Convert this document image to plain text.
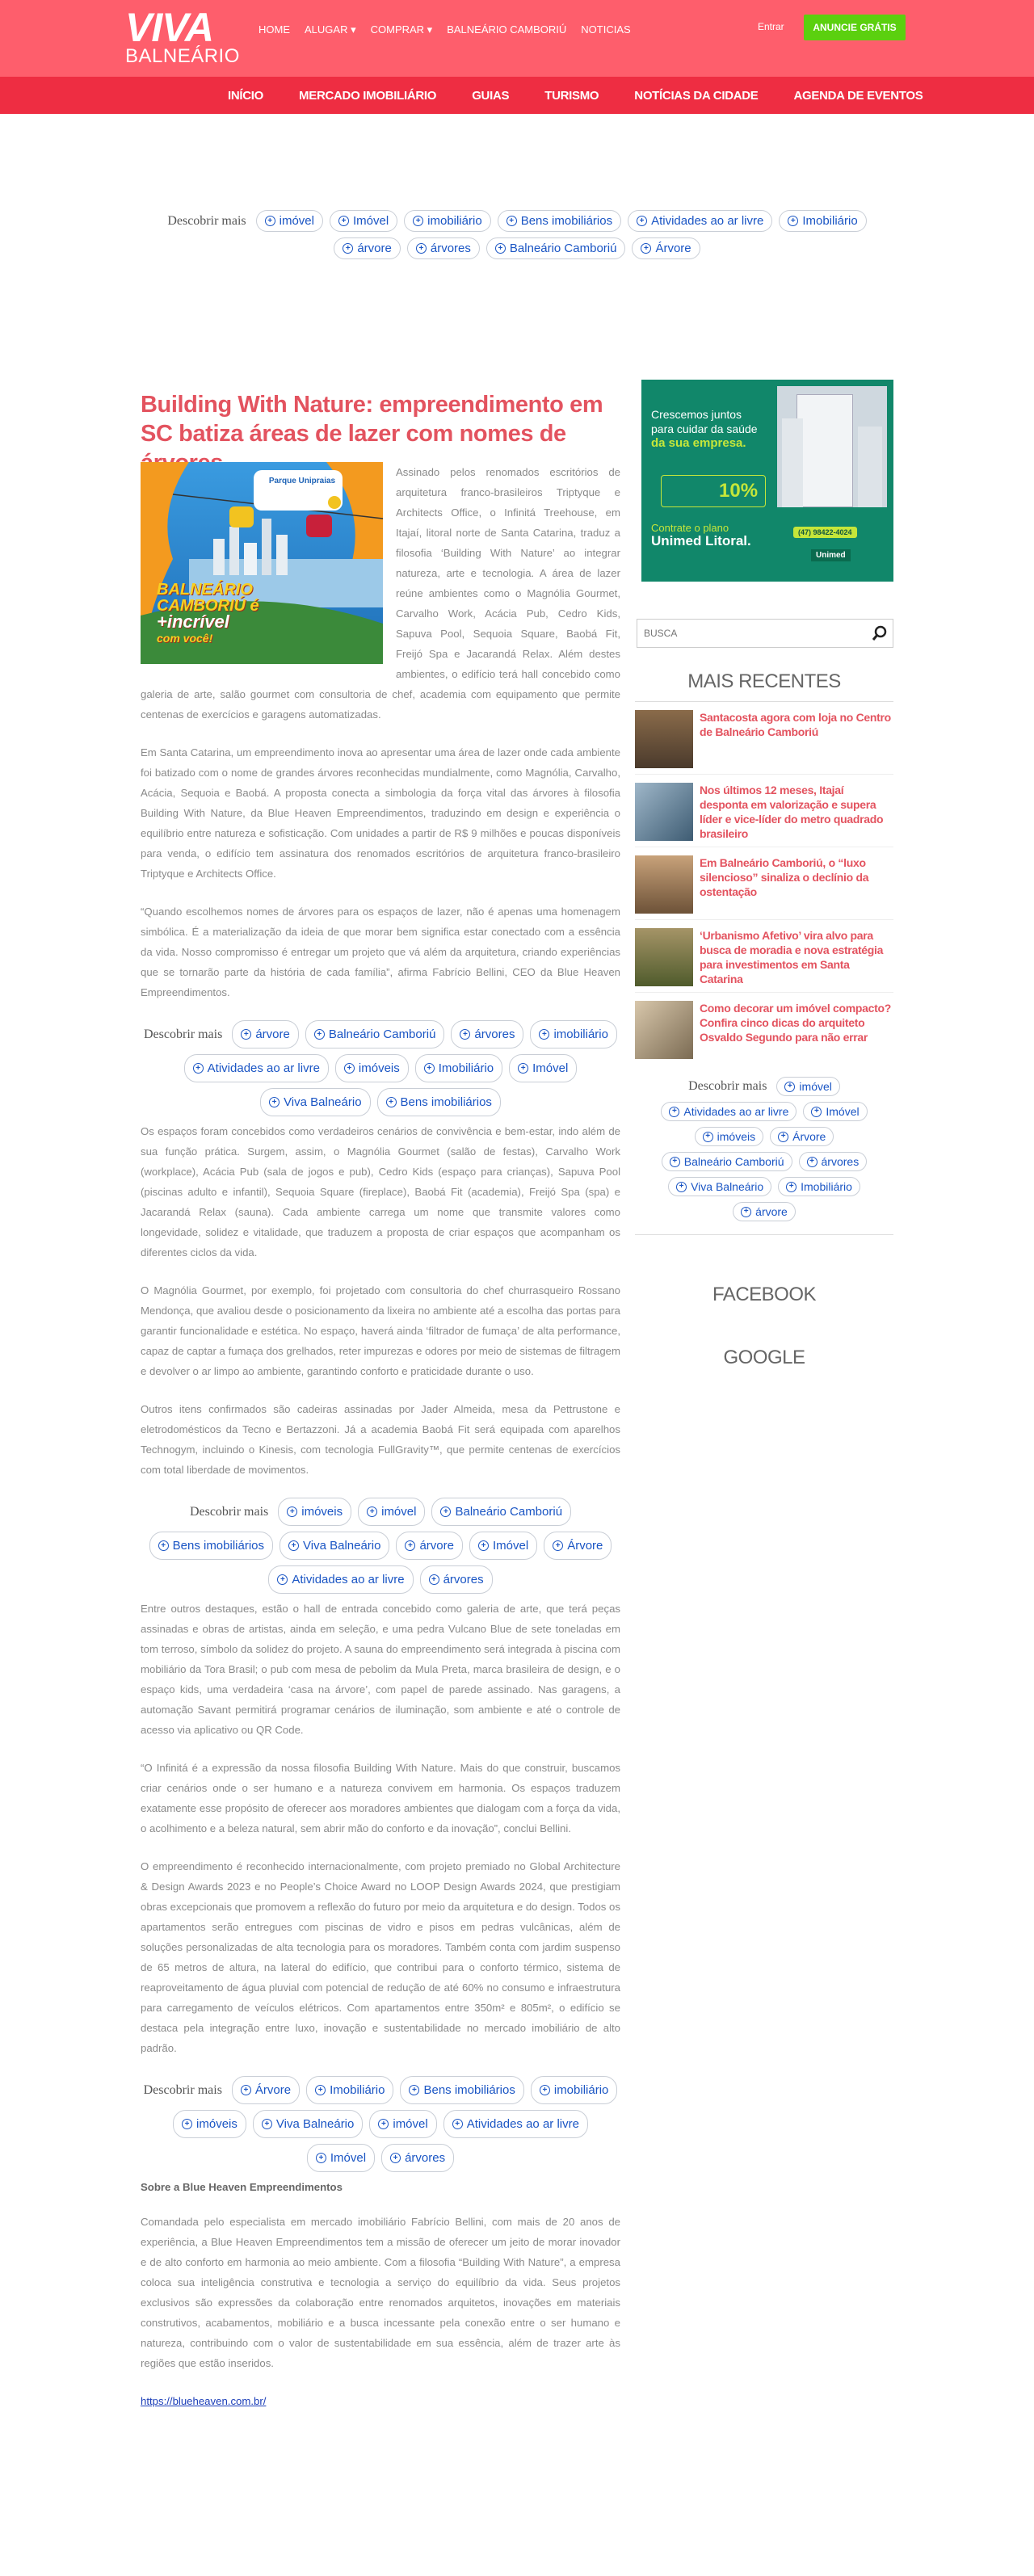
VIVA
BALNEÁRIO
HOME ALUGAR ▾ COMPRAR ▾ BALNEÁRIO CAMBORIÚ NOTICIAS	Entrar	ANUNCIE GRÁTIS
INÍCIO	MERCADO IMOBILIÁRIO	GUIAS	TURISMO	NOTÍCIAS DA CIDADE	AGENDA DE EVENTOS
Descobrir mais	+ imóvel	+ Imóvel	+ imobiliário	+ Bens imobiliários	+ Atividades ao ar livre	+ Imobiliário
+ árvore	+ árvores	+ Balneário Camboriú	+ Árvore
Building With Nature: empreendimento em SC batiza áreas de lazer com nomes de
Parque Unipraias
BALNEÁRIO
CAMBORIÚ é
+incrível
com você!

Assinado pelos renomados escritórios de arquitetura franco-brasileiros Triptyque e Architects Office, o Infinitá Treehouse, em Itajaí, litoral norte de Santa Catarina, traduz a filosofia ‘Building With Nature’ ao integrar natureza, arte e tecnologia. A área de lazer reúne ambientes como o Magnólia Gourmet, Carvalho Work, Acácia Pub, Cedro Kids, Sapuva Pool, Sequoia Square, Baobá Fit, Freijó Spa e Jacarandá Relax. Além destes ambientes, o edifício terá hall concebido como galeria de arte, salão gourmet com consultoria de chef, academia com equipamento que permite centenas de exercícios e garagens automatizadas.

Em Santa Catarina, um empreendimento inova ao apresentar uma área de lazer onde cada ambiente foi batizado com o nome de grandes árvores reconhecidas mundialmente, como Magnólia, Carvalho, Acácia, Sequoia e Baobá. A proposta conecta a simbologia da força vital das árvores à filosofia Building With Nature, da Blue Heaven Empreendimentos, traduzindo em design e experiência o equilíbrio entre natureza e sofisticação. Com unidades a partir de R$ 9 milhões e poucas disponíveis para venda, o edifício tem assinatura dos renomados escritórios de arquitetura franco-brasileiro Triptyque e Architects Office.

“Quando escolhemos nomes de árvores para os espaços de lazer, não é apenas uma homenagem simbólica. É a materialização da ideia de que morar bem significa estar conectado com a essência da vida. Nosso compromisso é entregar um projeto que vá além da arquitetura, criando experiências que se tornarão parte da história de cada família”, afirma Fabrício Bellini, CEO da Blue Heaven Empreendimentos.

Descobrir mais	+ árvore	+ Balneário Camboriú	+ árvores	+ imobiliário
+ Atividades ao ar livre	+ imóveis	+ Imobiliário	+ Imóvel
+ Viva Balneário	+ Bens imobiliários

Os espaços foram concebidos como verdadeiros cenários de convivência e bem-estar, indo além de sua função prática. Surgem, assim, o Magnólia Gourmet (salão de festas), Carvalho Work (workplace), Acácia Pub (sala de jogos e pub), Cedro Kids (espaço para crianças), Sapuva Pool (piscinas adulto e infantil), Sequoia Square (fireplace), Baobá Fit (academia), Freijó Spa (spa) e Jacarandá Relax (sauna). Cada ambiente carrega um nome que transmite valores como longevidade, solidez e vitalidade, que traduzem a proposta de criar espaços que acompanham os diferentes ciclos da vida.

O Magnólia Gourmet, por exemplo, foi projetado com consultoria do chef churrasqueiro Rossano Mendonça, que avaliou desde o posicionamento da lixeira no ambiente até a escolha das portas para garantir funcionalidade e estética. No espaço, haverá ainda ‘filtrador de fumaça’ de alta performance, capaz de captar a fumaça dos grelhados, reter impurezas e odores por meio de sistemas de filtragem e devolver o ar limpo ao ambiente, garantindo conforto e praticidade durante o uso.

Outros itens confirmados são cadeiras assinadas por Jader Almeida, mesa da Pettrustone e eletrodomésticos da Tecno e Bertazzoni. Já a academia Baobá Fit será equipada com aparelhos Technogym, incluindo o Kinesis, com tecnologia FullGravity™, que permite centenas de exercícios com total liberdade de movimentos.

Descobrir mais	+ imóveis	+ imóvel	+ Balneário Camboriú
+ Bens imobiliários	+ Viva Balneário	+ árvore	+ Imóvel	+ Árvore
+ Atividades ao ar livre	+ árvores

Entre outros destaques, estão o hall de entrada concebido como galeria de arte, que terá peças assinadas e obras de artistas, ainda em seleção, e uma pedra Vulcano Blue de sete toneladas em tom terroso, símbolo da solidez do projeto. A sauna do empreendimento será integrada à piscina com mobiliário da Tora Brasil; o pub com mesa de pebolim da Mula Preta, marca brasileira de design, e o espaço kids, uma verdadeira ‘casa na árvore’, com papel de parede assinado. Nas garagens, a automação Savant permitirá programar cenários de iluminação, som ambiente e até o controle de acesso via aplicativo ou QR Code.

“O Infinitá é a expressão da nossa filosofia Building With Nature. Mais do que construir, buscamos criar cenários onde o ser humano e a natureza convivem em harmonia. Os espaços traduzem exatamente esse propósito de oferecer aos moradores ambientes que dialogam com a força da vida, o acolhimento e a beleza natural, sem abrir mão do conforto e da inovação”, conclui Bellini.

O empreendimento é reconhecido internacionalmente, com projeto premiado no Global Architecture & Design Awards 2023 e no People’s Choice Award no LOOP Design Awards 2024, que prestigiam obras excepcionais que promovem a reflexão do futuro por meio da arquitetura e do design. Todos os apartamentos serão entregues com piscinas de vidro e pisos em pedras vulcânicas, além de soluções personalizadas de alta tecnologia para os moradores. Também conta com jardim suspenso de 65 metros de altura, na lateral do edifício, que contribui para o conforto térmico, sistema de reaproveitamento de água pluvial com potencial de redução de até 60% no consumo e infraestrutura para carregamento de veículos elétricos. Com apartamentos entre 350m² e 805m², o edifício se destaca pela integração entre luxo, inovação e sustentabilidade no mercado imobiliário de alto padrão.

Descobrir mais	+ Árvore	+ Imobiliário	+ Bens imobiliários	+ imobiliário
+ imóveis	+ Viva Balneário	+ imóvel	+ Atividades ao ar livre
+ Imóvel	+ árvores

Sobre a Blue Heaven Empreendimentos

Comandada pelo especialista em mercado imobiliário Fabrício Bellini, com mais de 20 anos de experiência, a Blue Heaven Empreendimentos tem a missão de oferecer um jeito de morar inovador e de alto conforto em harmonia ao meio ambiente. Com a filosofia “Building With Nature”, a empresa coloca sua inteligência construtiva e tecnologia a serviço do equilíbrio da vida. Seus projetos exclusivos são expressões da colaboração entre renomados arquitetos, inovações em materiais construtivos, acabamentos, mobiliário e a busca incessante pela conexão entre o ser humano e natureza, contribuindo com o valor de sustentabilidade em sua essência, além de trazer arte às regiões que estão inseridos.

https://blueheaven.com.br/

Crescemos juntos
para cuidar da saúde
da sua empresa.
10%
Contrate o plano
Unimed Litoral.
(47) 98422-4024
Unimed
BUSCA
MAIS RECENTES
Santacosta agora com loja no Centro de Balneário Camboriú
Nos últimos 12 meses, Itajaí desponta em valorização e supera líder e vice-líder do metro quadrado brasileiro
Em Balneário Camboriú, o “luxo silencioso” sinaliza o declínio da ostentação
‘Urbanismo Afetivo’ vira alvo para busca de moradia e nova estratégia para investimentos em Santa Catarina
Como decorar um imóvel compacto? Confira cinco dicas do arquiteto Osvaldo Segundo para não errar
Descobrir mais	+ imóvel
+ Atividades ao ar livre	+ Imóvel
+ imóveis	+ Árvore
+ Balneário Camboriú	+ árvores
+ Viva Balneário	+ Imobiliário
+ árvore
FACEBOOK
GOOGLE
